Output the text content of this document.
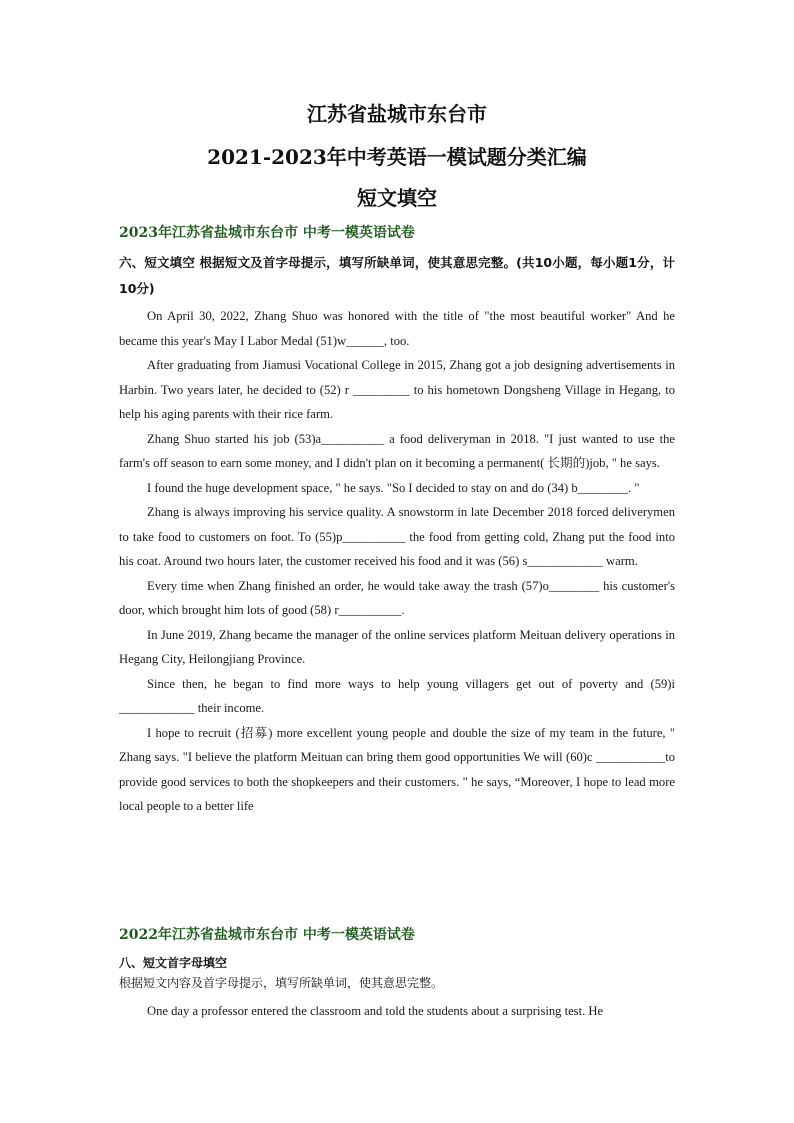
江苏省盐城市东台市
2021-2023年中考英语一模试题分类汇编
短文填空
2023年江苏省盐城市东台市 中考一模英语试卷
六、短文填空 根据短文及首字母提示，填写所缺单词，使其意思完整。(共10小题，每小题1分，计10分)

On April 30, 2022, Zhang Shuo was honored with the title of "the most beautiful worker" And he became this year's May I Labor Medal (51)w______, too.

After graduating from Jiamusi Vocational College in 2015, Zhang got a job designing advertisements in Harbin. Two years later, he decided to (52) r _________ to his hometown Dongsheng Village in Hegang, to help his aging parents with their rice farm.

Zhang Shuo started his job (53)a__________ a food deliveryman in 2018. "I just wanted to use the farm's off season to earn some money, and I didn't plan on it becoming a permanent( 长期的)job, " he says.

I found the huge development space, " he says. "So I decided to stay on and do (34) b________. "

Zhang is always improving his service quality. A snowstorm in late December 2018 forced deliverymen to take food to customers on foot. To (55)p__________ the food from getting cold, Zhang put the food into his coat. Around two hours later, the customer received his food and it was (56) s____________ warm.

Every time when Zhang finished an order, he would take away the trash (57)o________ his customer's door, which brought him lots of good (58) r__________.

In June 2019, Zhang became the manager of the online services platform Meituan delivery operations in Hegang City, Heilongjiang Province.

Since then, he began to find more ways to help young villagers get out of poverty and (59)i ____________ their income.

I hope to recruit (招募) more excellent young people and double the size of my team in the future, " Zhang says. "I believe the platform Meituan can bring them good opportunities We will (60)c ___________to provide good services to both the shopkeepers and their customers. " he says, “Moreover, I hope to lead more local people to a better life

2022年江苏省盐城市东台市 中考一模英语试卷
八、短文首字母填空
根据短文内容及首字母提示，填写所缺单词，使其意思完整。

One day a professor entered the classroom and told the students about a surprising test. He
